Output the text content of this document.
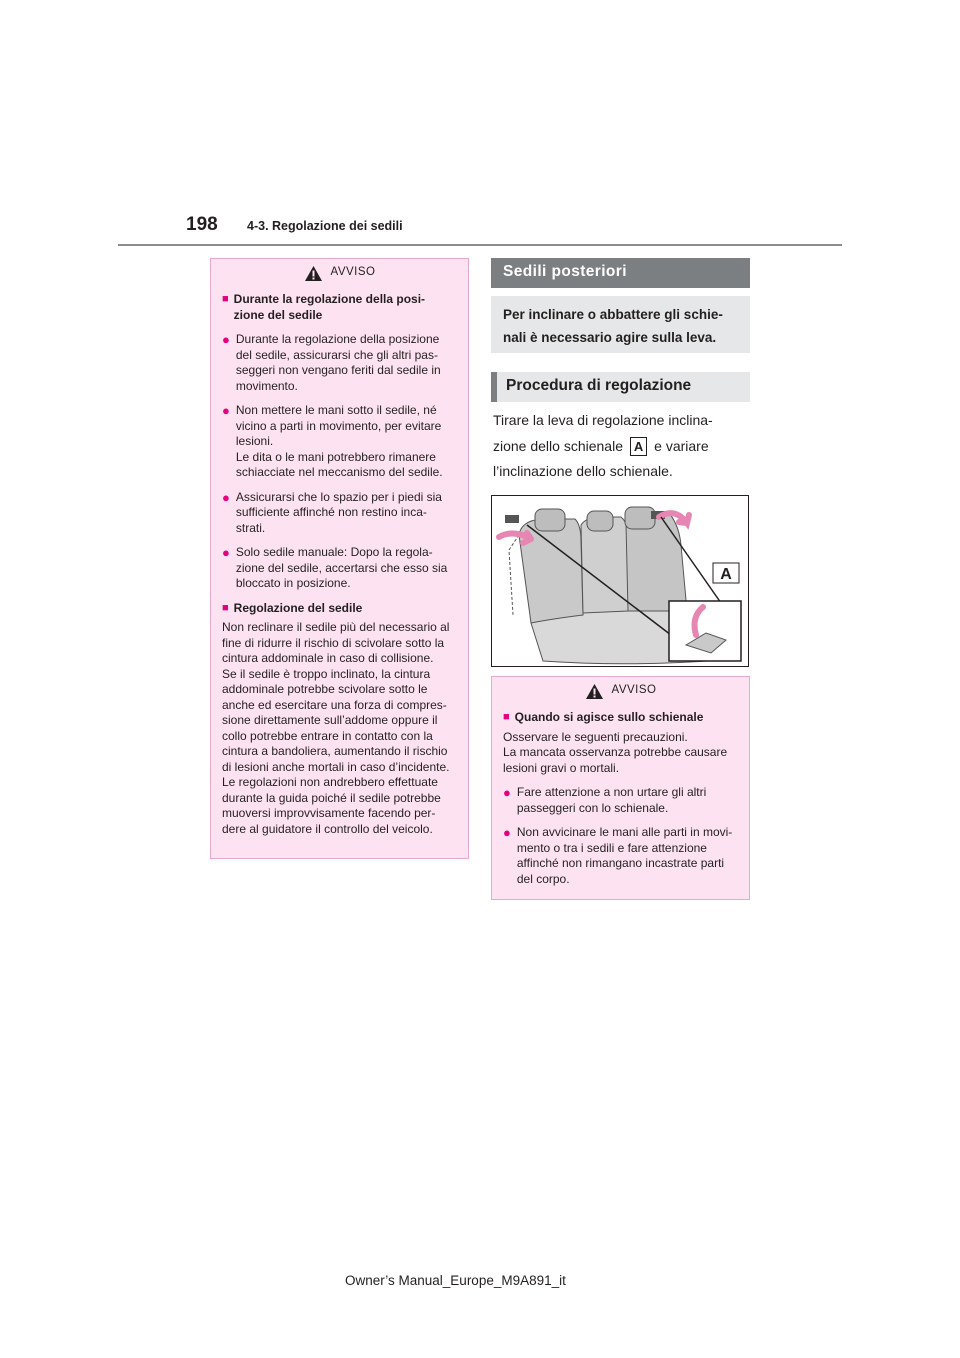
198 4-3. Regolazione dei sedili
AVVISO
■ Durante la regolazione della posi-
zione del sedile
● Durante la regolazione della posizione
del sedile, assicurarsi che gli altri pas-
seggeri non vengano feriti dal sedile in
movimento.
● Non mettere le mani sotto il sedile, né
vicino a parti in movimento, per evitare
lesioni.
Le dita o le mani potrebbero rimanere
schiacciate nel meccanismo del sedile.
● Assicurarsi che lo spazio per i piedi sia
sufficiente affinché non restino inca-
strati.
● Solo sedile manuale: Dopo la regola-
zione del sedile, accertarsi che esso sia
bloccato in posizione.
■ Regolazione del sedile
Non reclinare il sedile più del necessario al
fine di ridurre il rischio di scivolare sotto la
cintura addominale in caso di collisione.
Se il sedile è troppo inclinato, la cintura
addominale potrebbe scivolare sotto le
anche ed esercitare una forza di compres-
sione direttamente sull’addome oppure il
collo potrebbe entrare in contatto con la
cintura a bandoliera, aumentando il rischio
di lesioni anche mortali in caso d’incidente.
Le regolazioni non andrebbero effettuate
durante la guida poiché il sedile potrebbe
muoversi improvvisamente facendo per-
dere al guidatore il controllo del veicolo.
Sedili posteriori
Per inclinare o abbattere gli schie-
nali è necessario agire sulla leva.
Procedura di regolazione
Tirare la leva di regolazione inclina-
zione dello schienale A e variare
l’inclinazione dello schienale.
A
AVVISO
■ Quando si agisce sullo schienale
Osservare le seguenti precauzioni.
La mancata osservanza potrebbe causare
lesioni gravi o mortali.
● Fare attenzione a non urtare gli altri
passeggeri con lo schienale.
● Non avvicinare le mani alle parti in movi-
mento o tra i sedili e fare attenzione
affinché non rimangano incastrate parti
del corpo.
Owner’s Manual_Europe_M9A891_it
